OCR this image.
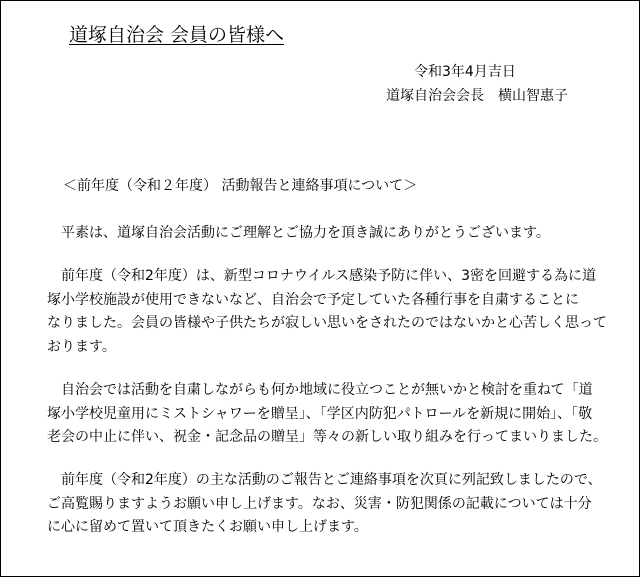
道塚自治会 会員の皆様へ
令和3年4月吉日
道塚自治会会長　横山智惠子
＜前年度（令和２年度） 活動報告と連絡事項について＞

　平素は、道塚自治会活動にご理解とご協力を頂き誠にありがとうございます。

　前年度（令和2年度）は、新型コロナウイルス感染予防に伴い、3密を回避する為に道
塚小学校施設が使用できないなど、自治会で予定していた各種行事を自粛することに
なりました。会員の皆様や子供たちが寂しい思いをされたのではないかと心苦しく思って
おります。

　自治会では活動を自粛しながらも何か地域に役立つことが無いかと検討を重ねて「道
塚小学校児童用にミストシャワーを贈呈」、「学区内防犯パトロールを新規に開始」、「敬
老会の中止に伴い、祝金・記念品の贈呈」等々の新しい取り組みを行ってまいりました。

　前年度（令和2年度）の主な活動のご報告とご連絡事項を次頁に列記致しましたので、
ご高覧賜りますようお願い申し上げます。なお、災害・防犯関係の記載については十分
に心に留めて置いて頂きたくお願い申し上げます。
